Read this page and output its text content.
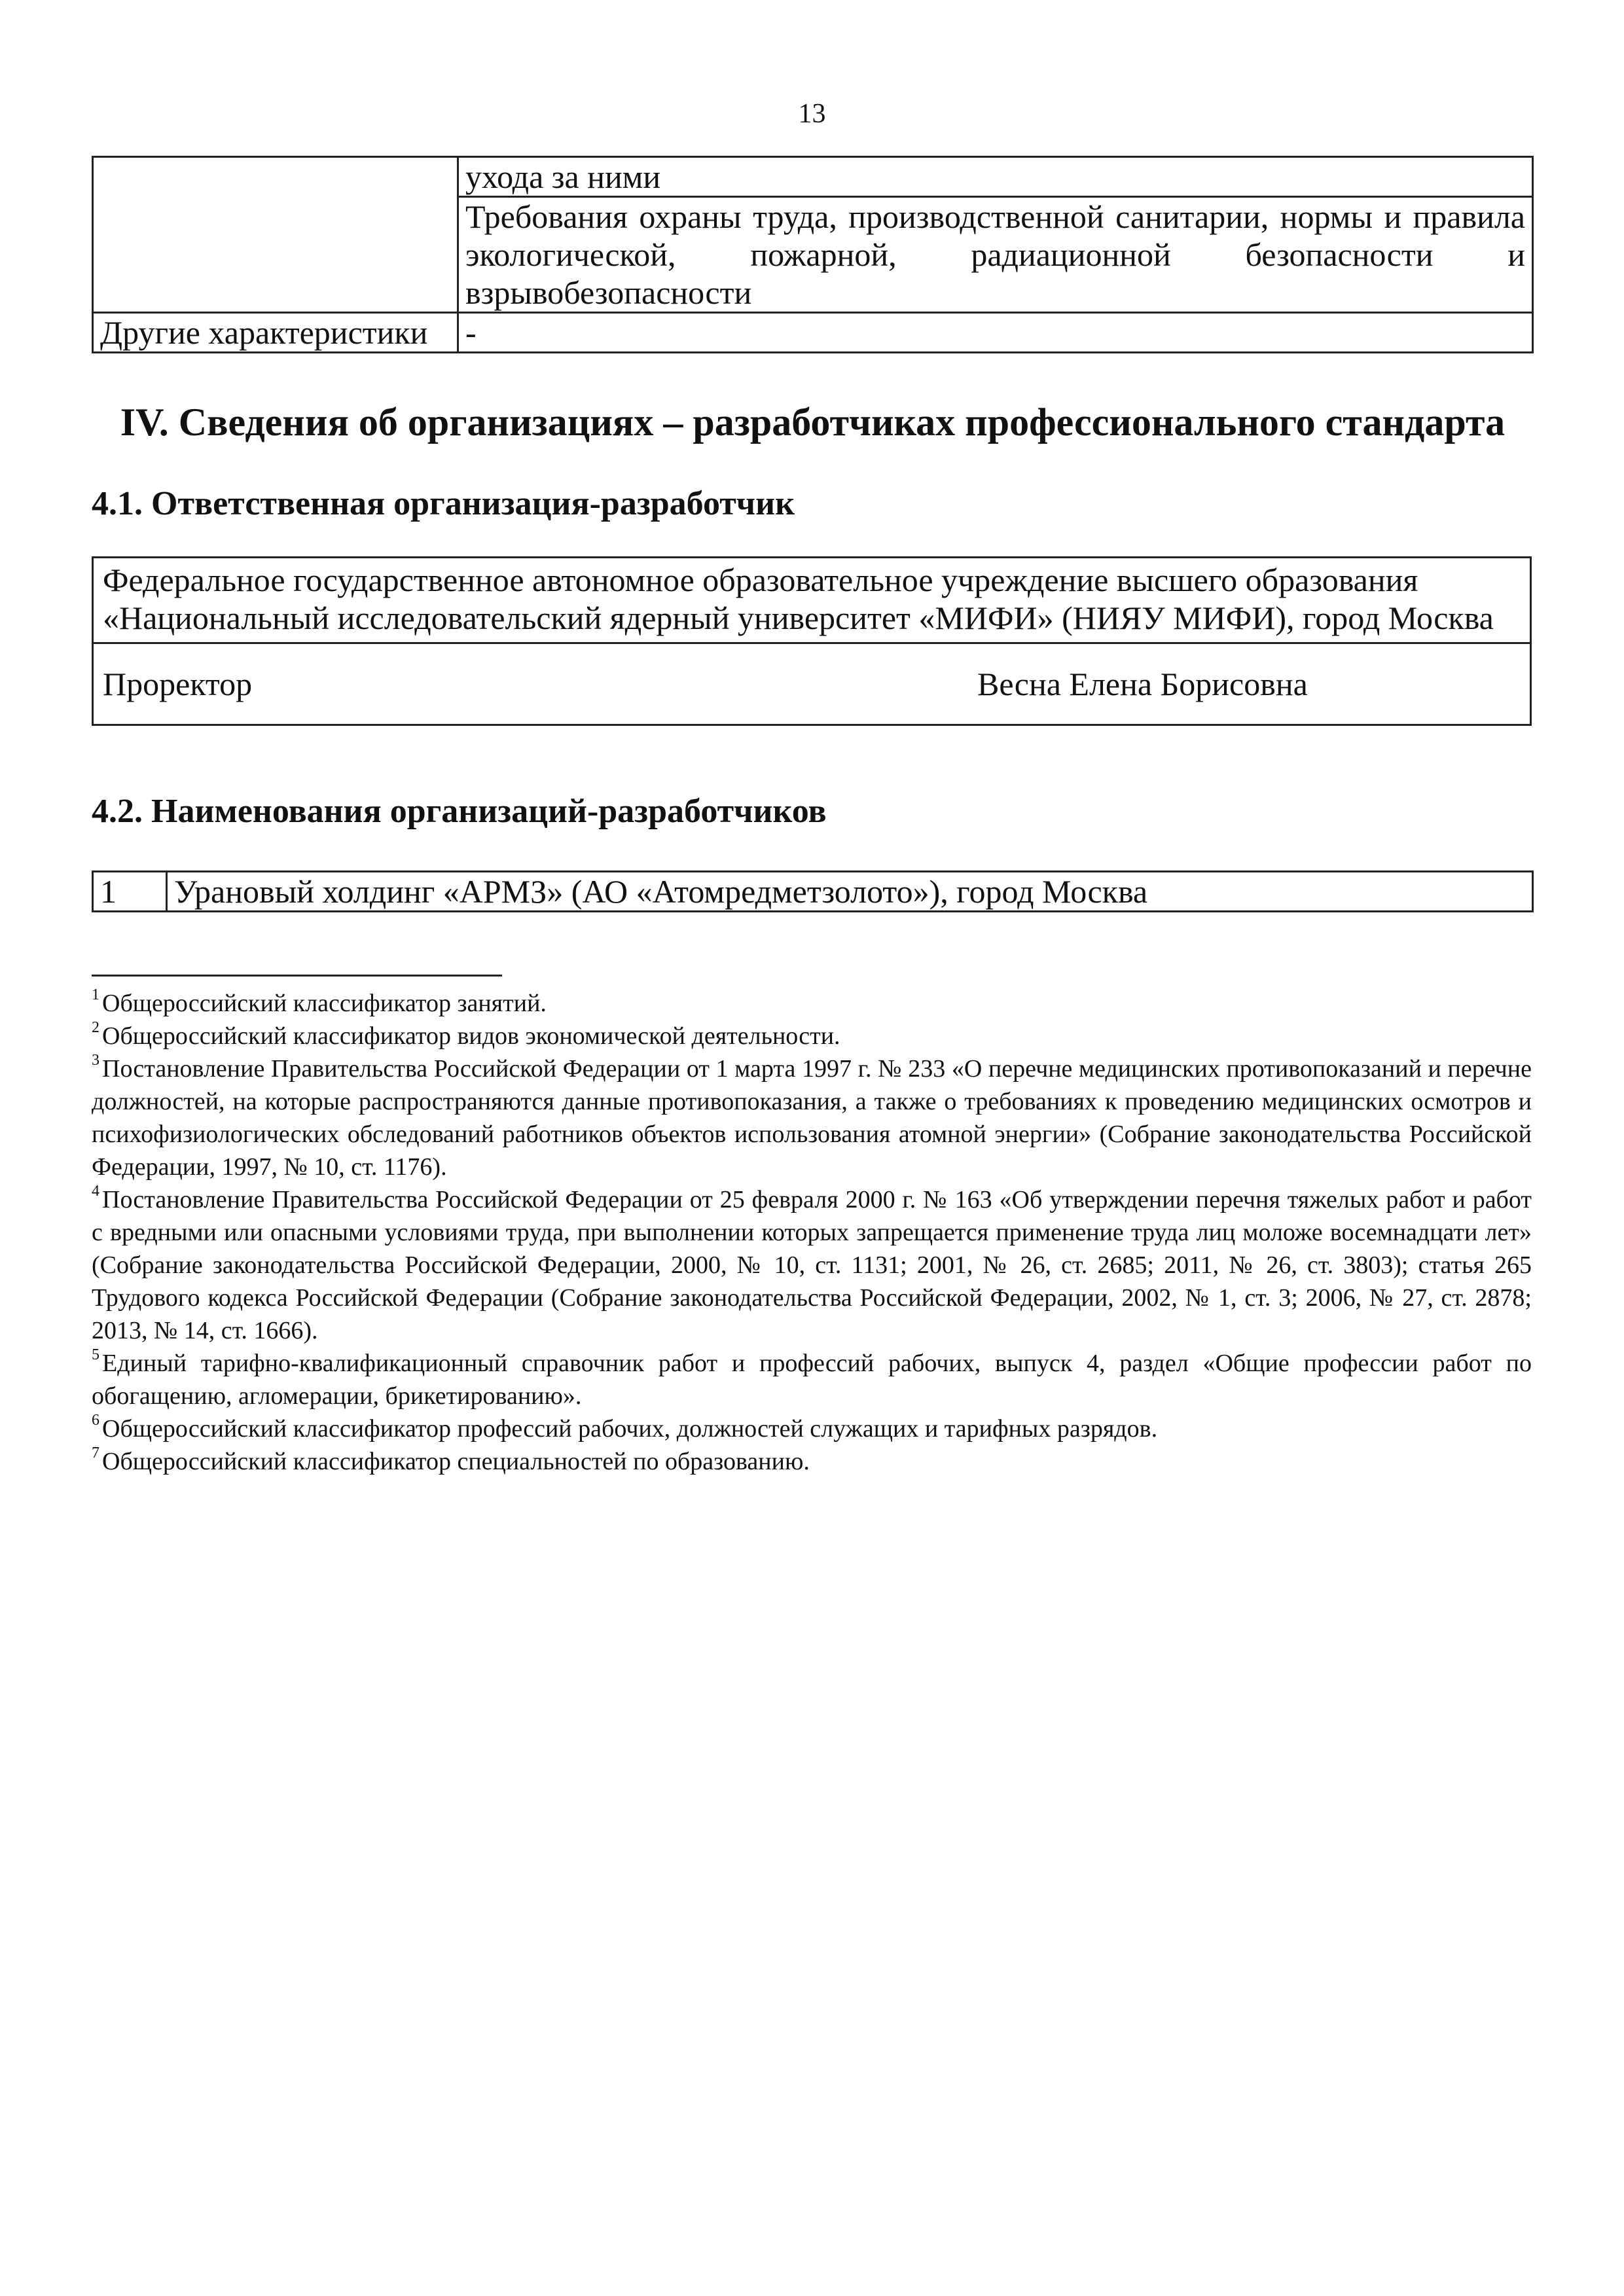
13
	ухода за ними
	Требования охраны труда, производственной санитарии, нормы и правила экологической, пожарной, радиационной безопасности и взрывобезопасности
Другие характеристики	-
IV. Сведения об организациях – разработчиках профессионального стандарта
4.1. Ответственная организация-разработчик
Федеральное государственное автономное образовательное учреждение высшего образования «Национальный исследовательский ядерный университет «МИФИ» (НИЯУ МИФИ), город Москва
Проректор	Весна Елена Борисовна
4.2. Наименования организаций-разработчиков
1	Урановый холдинг «АРМЗ» (АО «Атомредметзолото»), город Москва

$^1$ Общероссийский классификатор занятий.

$^2$ Общероссийский классификатор видов экономической деятельности.

$^3$ Постановление Правительства Российской Федерации от 1 марта 1997 г. № 233 «О перечне медицинских противопоказаний и перечне должностей, на которые распространяются данные противопоказания, а также о требованиях к проведению медицинских осмотров и психофизиологических обследований работников объектов использования атомной энергии» (Собрание законодательства Российской Федерации, 1997, № 10, ст. 1176).

$^4$ Постановление Правительства Российской Федерации от 25 февраля 2000 г. № 163 «Об утверждении перечня тяжелых работ и работ с вредными или опасными условиями труда, при выполнении которых запрещается применение труда лиц моложе восемнадцати лет» (Собрание законодательства Российской Федерации, 2000, № 10, ст. 1131; 2001, № 26, ст. 2685; 2011, № 26, ст. 3803); статья 265 Трудового кодекса Российской Федерации (Собрание законодательства Российской Федерации, 2002, № 1, ст. 3; 2006, № 27, ст. 2878; 2013, № 14, ст. 1666).

$^5$ Единый тарифно-квалификационный справочник работ и профессий рабочих, выпуск 4, раздел «Общие профессии работ по обогащению, агломерации, брикетированию».

$^6$ Общероссийский классификатор профессий рабочих, должностей служащих и тарифных разрядов.

$^7$ Общероссийский классификатор специальностей по образованию.
